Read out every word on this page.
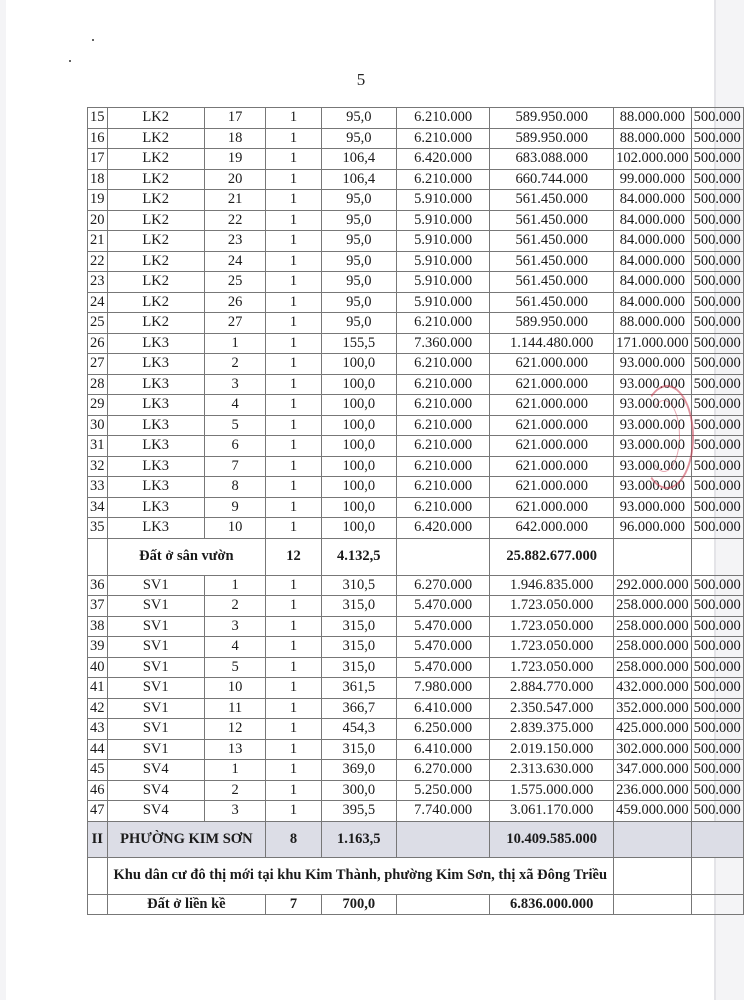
5
15	LK2	17	1	95,0	6.210.000	589.950.000	88.000.000	500.000
16	LK2	18	1	95,0	6.210.000	589.950.000	88.000.000	500.000
17	LK2	19	1	106,4	6.420.000	683.088.000	102.000.000	500.000
18	LK2	20	1	106,4	6.210.000	660.744.000	99.000.000	500.000
19	LK2	21	1	95,0	5.910.000	561.450.000	84.000.000	500.000
20	LK2	22	1	95,0	5.910.000	561.450.000	84.000.000	500.000
21	LK2	23	1	95,0	5.910.000	561.450.000	84.000.000	500.000
22	LK2	24	1	95,0	5.910.000	561.450.000	84.000.000	500.000
23	LK2	25	1	95,0	5.910.000	561.450.000	84.000.000	500.000
24	LK2	26	1	95,0	5.910.000	561.450.000	84.000.000	500.000
25	LK2	27	1	95,0	6.210.000	589.950.000	88.000.000	500.000
26	LK3	1	1	155,5	7.360.000	1.144.480.000	171.000.000	500.000
27	LK3	2	1	100,0	6.210.000	621.000.000	93.000.000	500.000
28	LK3	3	1	100,0	6.210.000	621.000.000	93.000.000	500.000
29	LK3	4	1	100,0	6.210.000	621.000.000	93.000.000	500.000
30	LK3	5	1	100,0	6.210.000	621.000.000	93.000.000	500.000
31	LK3	6	1	100,0	6.210.000	621.000.000	93.000.000	500.000
32	LK3	7	1	100,0	6.210.000	621.000.000	93.000.000	500.000
33	LK3	8	1	100,0	6.210.000	621.000.000	93.000.000	500.000
34	LK3	9	1	100,0	6.210.000	621.000.000	93.000.000	500.000
35	LK3	10	1	100,0	6.420.000	642.000.000	96.000.000	500.000
	Đất ở sân vườn		12	4.132,5		25.882.677.000		
36	SV1	1	1	310,5	6.270.000	1.946.835.000	292.000.000	500.000
37	SV1	2	1	315,0	5.470.000	1.723.050.000	258.000.000	500.000
38	SV1	3	1	315,0	5.470.000	1.723.050.000	258.000.000	500.000
39	SV1	4	1	315,0	5.470.000	1.723.050.000	258.000.000	500.000
40	SV1	5	1	315,0	5.470.000	1.723.050.000	258.000.000	500.000
41	SV1	10	1	361,5	7.980.000	2.884.770.000	432.000.000	500.000
42	SV1	11	1	366,7	6.410.000	2.350.547.000	352.000.000	500.000
43	SV1	12	1	454,3	6.250.000	2.839.375.000	425.000.000	500.000
44	SV1	13	1	315,0	6.410.000	2.019.150.000	302.000.000	500.000
45	SV4	1	1	369,0	6.270.000	2.313.630.000	347.000.000	500.000
46	SV4	2	1	300,0	5.250.000	1.575.000.000	236.000.000	500.000
47	SV4	3	1	395,5	7.740.000	3.061.170.000	459.000.000	500.000
II	PHƯỜNG KIM SƠN		8	1.163,5		10.409.585.000		
	Khu dân cư đô thị mới tại khu Kim Thành, phường Kim Sơn, thị xã Đông Triều							
	Đất ở liền kề		7	700,0		6.836.000.000		
